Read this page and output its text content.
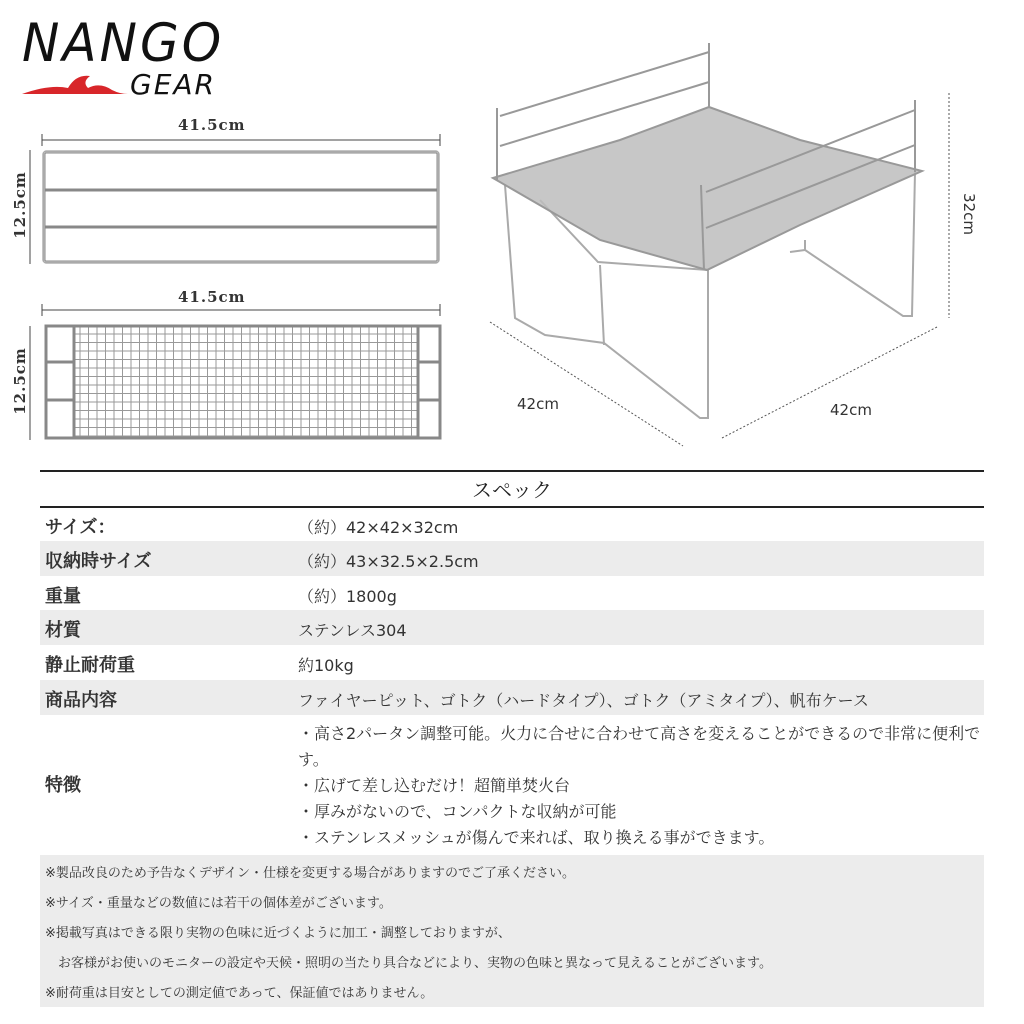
NANGO
GEAR
41.5cm
12.5cm
41.5cm
12.5cm	42cm	42cm
32cm
スペック
サイズ：	（約）42×42×32cm
収納時サイズ	（約）43×32.5×2.5cm
重量	（約）1800g
材質	ステンレス304
静止耐荷重	約10kg
商品内容	ファイヤーピット、ゴトク（ハードタイプ）、ゴトク（アミタイプ）、帆布ケース
特徴
・高さ2パータン調整可能。火力に合せに合わせて高さを変えることができるので非常に便利です。
・広げて差し込むだけ！超簡単焚火台
・厚みがないので、コンパクトな収納が可能
・ステンレスメッシュが傷んで来れば、取り換える事ができます。
※製品改良のため予告なくデザイン・仕様を変更する場合がありますのでご了承ください。
※サイズ・重量などの数値には若干の個体差がございます。
※掲載写真はできる限り実物の色味に近づくように加工・調整しておりますが、
　お客様がお使いのモニターの設定や天候・照明の当たり具合などにより、実物の色味と異なって見えることがございます。
※耐荷重は目安としての測定値であって、保証値ではありません。
